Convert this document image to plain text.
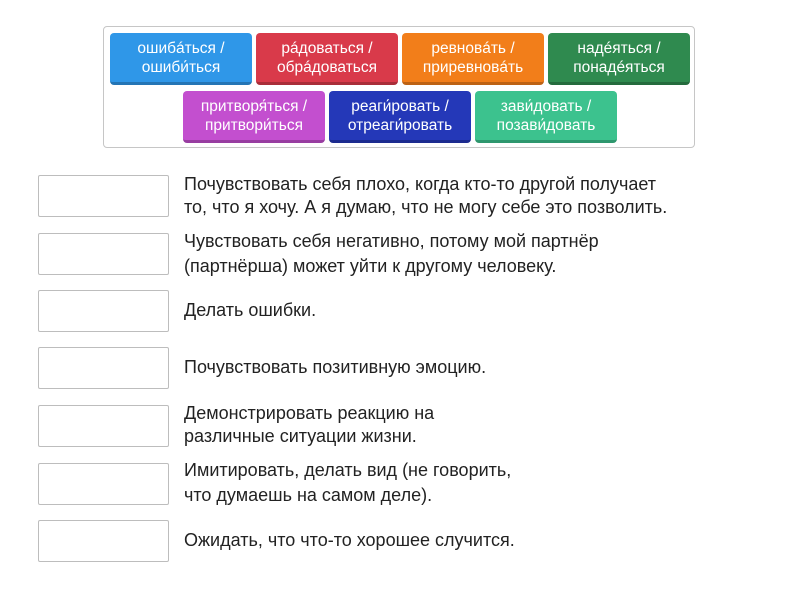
ошибáться /
ошиби́ться
рáдоваться /
обрáдоваться
ревновáть /
приревновáть
надéяться /
понадéяться
притворя́ться /
притвори́ться
реаги́ровать /
отреаги́ровать
зави́довать /
позави́довать
Почувствовать себя плохо, когда кто-то другой получает
то, что я хочу. А я думаю, что не могу себе это позволить.
Чувствовать себя негативно, потому мой партнёр
(партнёрша) может уйти к другому человеку.
Делать ошибки.
Почувствовать позитивную эмоцию.
Демонстрировать реакцию на
различные ситуации жизни.
Имитировать, делать вид (не говорить,
что думаешь на самом деле).
Ожидать, что что-то хорошее случится.
